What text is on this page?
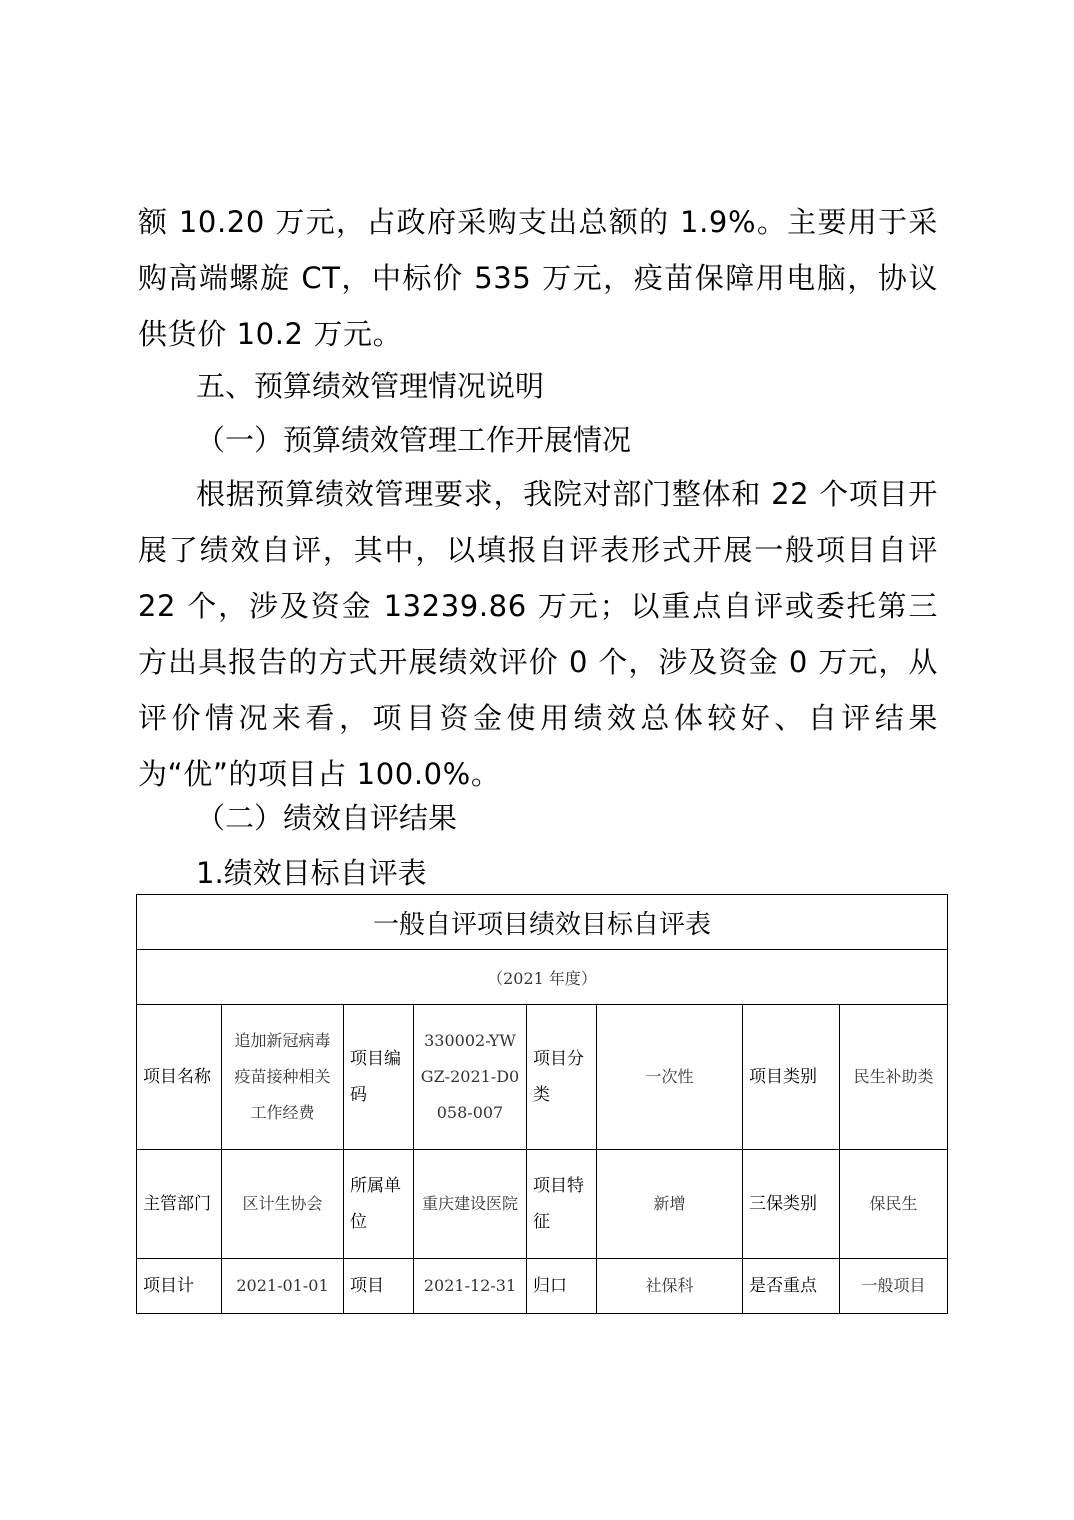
额 10.20 万元，占政府采购支出总额的 1.9%。主要用于采购高端螺旋 CT，中标价 535 万元，疫苗保障用电脑，协议供货价 10.2 万元。

五、预算绩效管理情况说明
（一）预算绩效管理工作开展情况

根据预算绩效管理要求，我院对部门整体和 22 个项目开展了绩效自评，其中，以填报自评表形式开展一般项目自评 22 个，涉及资金 13239.86 万元；以重点自评或委托第三方出具报告的方式开展绩效评价 0 个，涉及资金 0 万元，从评价情况来看，项目资金使用绩效总体较好、自评结果为“优”的项目占 100.0%。

（二）绩效自评结果
1.绩效目标自评表
一般自评项目绩效目标自评表							
（2021 年度）							
项目名称	追加新冠病毒疫苗接种相关工作经费	项目编码	330002-YWGZ-2021-D0058-007	项目分类	一次性	项目类别	民生补助类
主管部门	区计生协会	所属单位	重庆建设医院	项目特征	新增	三保类别	保民生
项目计	2021-01-01	项目	2021-12-31	归口	社保科	是否重点	一般项目
